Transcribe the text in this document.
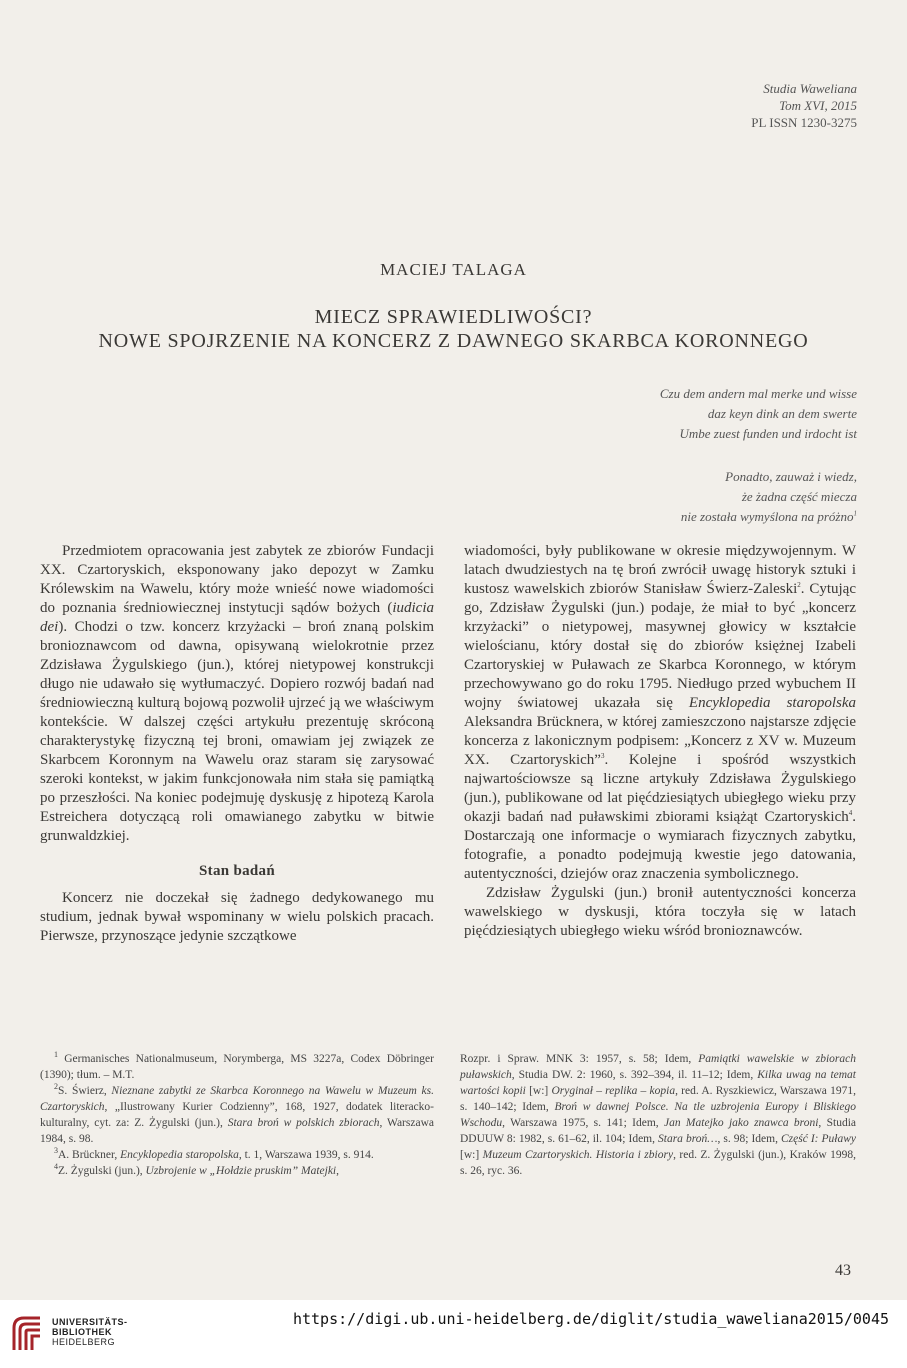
Studia Waweliana
Tom XVI, 2015
PL ISSN 1230-3275
MACIEJ TALAGA
MIECZ SPRAWIEDLIWOŚCI?
NOWE SPOJRZENIE NA KONCERZ Z DAWNEGO SKARBCA KORONNEGO
Czu dem andern mal merke und wisse
daz keyn dink an dem swerte
Umbe zuest funden und irdocht ist
Ponadto, zauważ i wiedz,
że żadna część miecza
nie została wymyślona na próżno$^1$

Przedmiotem opracowania jest zabytek ze zbiorów Fundacji XX. Czartoryskich, eksponowany jako depozyt w Zamku Królewskim na Wawelu, który może wnieść nowe wiadomości do poznania średniowiecznej instytucji sądów bożych (iudicia dei). Chodzi o tzw. koncerz krzyżacki – broń znaną polskim bronioznawcom od dawna, opisywaną wielokrotnie przez Zdzisława Żygulskiego (jun.), której nietypowej konstrukcji długo nie udawało się wytłumaczyć. Dopiero rozwój badań nad średniowieczną kulturą bojową pozwolił ujrzeć ją we właściwym kontekście. W dalszej części artykułu prezentuję skróconą charakterystykę fizyczną tej broni, omawiam jej związek ze Skarbcem Koronnym na Wawelu oraz staram się zarysować szeroki kontekst, w jakim funkcjonowała nim stała się pamiątką po przeszłości. Na koniec podejmuję dyskusję z hipotezą Karola Estreichera dotyczącą roli omawianego zabytku w bitwie grunwaldzkiej.

Stan badań

Koncerz nie doczekał się żadnego dedykowanego mu studium, jednak bywał wspominany w wielu polskich pracach. Pierwsze, przynoszące jedynie szczątkowe

wiadomości, były publikowane w okresie międzywojennym. W latach dwudziestych na tę broń zwrócił uwagę historyk sztuki i kustosz wawelskich zbiorów Stanisław Świerz-Zaleski$^2$. Cytując go, Zdzisław Żygulski (jun.) podaje, że miał to być „koncerz krzyżacki” o nietypowej, masywnej głowicy w kształcie wielościanu, który dostał się do zbiorów księżnej Izabeli Czartoryskiej w Puławach ze Skarbca Koronnego, w którym przechowywano go do roku 1795. Niedługo przed wybuchem II wojny światowej ukazała się Encyklopedia staropolska Aleksandra Brücknera, w której zamieszczono najstarsze zdjęcie koncerza z lakonicznym podpisem: „Koncerz z XV w. Muzeum XX. Czartoryskich”$^3$. Kolejne i spośród wszystkich najwartościowsze są liczne artykuły Zdzisława Żygulskiego (jun.), publikowane od lat pięćdziesiątych ubiegłego wieku przy okazji badań nad puławskimi zbiorami książąt Czartoryskich$^4$. Dostarczają one informacje o wymiarach fizycznych zabytku, fotografie, a ponadto podejmują kwestie jego datowania, autentyczności, dziejów oraz znaczenia symbolicznego.

Zdzisław Żygulski (jun.) bronił autentyczności koncerza wawelskiego w dyskusji, która toczyła się w latach pięćdziesiątych ubiegłego wieku wśród bronioznawców.

$^1$ Germanisches Nationalmuseum, Norymberga, MS 3227a, Codex Döbringer (1390); tłum. – M.T.

$^2$S. Świerz, Nieznane zabytki ze Skarbca Koronnego na Wawelu w Muzeum ks. Czartoryskich, „Ilustrowany Kurier Codzienny”, 168, 1927, dodatek literacko-kulturalny, cyt. za: Z. Żygulski (jun.), Stara broń w polskich zbiorach, Warszawa 1984, s. 98.

$^3$A. Brückner, Encyklopedia staropolska, t. 1, Warszawa 1939, s. 914.

$^4$Z. Żygulski (jun.), Uzbrojenie w „Hołdzie pruskim” Matejki,

Rozpr. i Spraw. MNK 3: 1957, s. 58; Idem, Pamiątki wawelskie w zbiorach puławskich, Studia DW. 2: 1960, s. 392–394, il. 11–12; Idem, Kilka uwag na temat wartości kopii [w:] Oryginał – replika – kopia, red. A. Ryszkiewicz, Warszawa 1971, s. 140–142; Idem, Broń w dawnej Polsce. Na tle uzbrojenia Europy i Bliskiego Wschodu, Warszawa 1975, s. 141; Idem, Jan Matejko jako znawca broni, Studia DDUUW 8: 1982, s. 61–62, il. 104; Idem, Stara broń…, s. 98; Idem, Część I: Puławy [w:] Muzeum Czartoryskich. Historia i zbiory, red. Z. Żygulski (jun.), Kraków 1998, s. 26, ryc. 36.

43
UNIVERSITÄTS-
BIBLIOTHEK
HEIDELBERG
https://digi.ub.uni-heidelberg.de/diglit/studia_waweliana2015/0045
